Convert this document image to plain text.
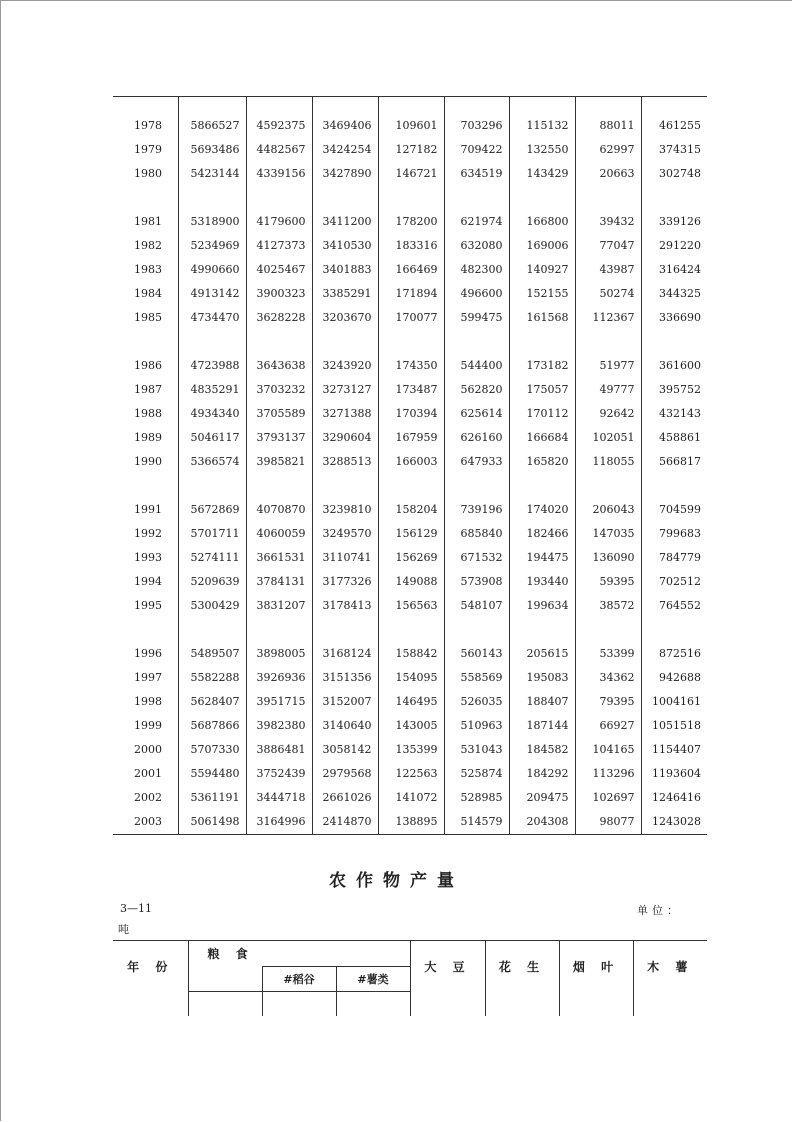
1978	5866527	4592375	3469406	109601	703296	115132	88011	461255
1979	5693486	4482567	3424254	127182	709422	132550	62997	374315
1980	5423144	4339156	3427890	146721	634519	143429	20663	302748

1981	5318900	4179600	3411200	178200	621974	166800	39432	339126
1982	5234969	4127373	3410530	183316	632080	169006	77047	291220
1983	4990660	4025467	3401883	166469	482300	140927	43987	316424
1984	4913142	3900323	3385291	171894	496600	152155	50274	344325
1985	4734470	3628228	3203670	170077	599475	161568	112367	336690

1986	4723988	3643638	3243920	174350	544400	173182	51977	361600
1987	4835291	3703232	3273127	173487	562820	175057	49777	395752
1988	4934340	3705589	3271388	170394	625614	170112	92642	432143
1989	5046117	3793137	3290604	167959	626160	166684	102051	458861
1990	5366574	3985821	3288513	166003	647933	165820	118055	566817

1991	5672869	4070870	3239810	158204	739196	174020	206043	704599
1992	5701711	4060059	3249570	156129	685840	182466	147035	799683
1993	5274111	3661531	3110741	156269	671532	194475	136090	784779
1994	5209639	3784131	3177326	149088	573908	193440	59395	702512
1995	5300429	3831207	3178413	156563	548107	199634	38572	764552

1996	5489507	3898005	3168124	158842	560143	205615	53399	872516
1997	5582288	3926936	3151356	154095	558569	195083	34362	942688
1998	5628407	3951715	3152007	146495	526035	188407	79395	1004161
1999	5687866	3982380	3140640	143005	510963	187144	66927	1051518
2000	5707330	3886481	3058142	135399	531043	184582	104165	1154407
2001	5594480	3752439	2979568	122563	525874	184292	113296	1193604
2002	5361191	3444718	2661026	141072	528985	209475	102697	1246416
2003	5061498	3164996	2414870	138895	514579	204308	98077	1243028
农作物产量
3—11	单位：
吨
年 份	粮 食			大 豆	花 生	烟 叶	木 薯
		#稻谷	#薯类				
